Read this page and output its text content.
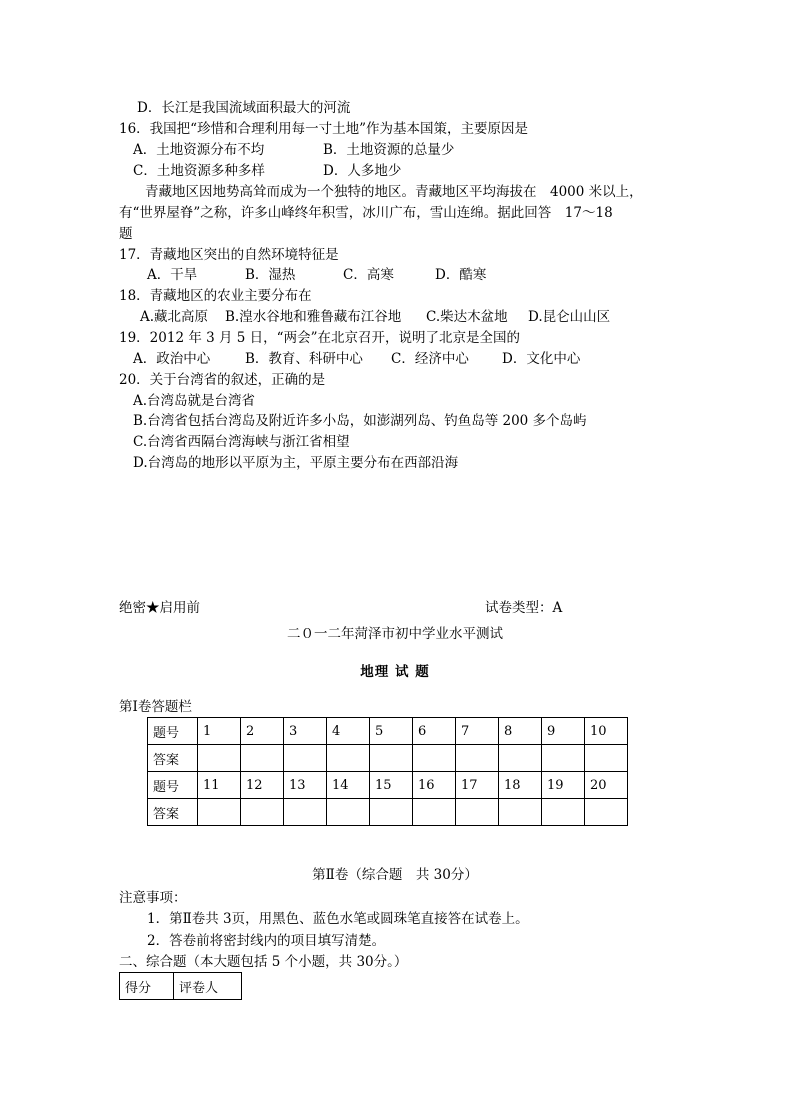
D．长江是我国流域面积最大的河流
16．我国把“珍惜和合理利用每一寸土地”作为基本国策，主要原因是
A．土地资源分布不均	B．土地资源的总量少
C．土地资源多种多样	D．人多地少
青藏地区因地势高耸而成为一个独特的地区。青藏地区平均海拔在　4000 米以上，
有“世界屋脊”之称，许多山峰终年积雪，冰川广布，雪山连绵。据此回答　17～18
题
17．青藏地区突出的自然环境特征是
A．干旱	B．湿热	C．高寒	D．酷寒
18．青藏地区的农业主要分布在
A.藏北高原 B.湟水谷地和雅鲁藏布江谷地 C.柴达木盆地 D.昆仑山山区
19．2012 年 3 月 5 日，“两会”在北京召开，说明了北京是全国的
A．政治中心	B．教育、科研中心 C．经济中心 D．文化中心
20．关于台湾省的叙述，正确的是
A.台湾岛就是台湾省
B.台湾省包括台湾岛及附近许多小岛，如澎湖列岛、钓鱼岛等 200 多个岛屿
C.台湾省西隔台湾海峡与浙江省相望
D.台湾岛的地形以平原为主，平原主要分布在西部沿海
绝密★启用前	试卷类型：A
二０一二年菏泽市初中学业水平测试
地理 试 题
第Ⅰ卷答题栏
题号	1	2	3	4	5	6	7	8	9	10
答案										
题号	11	12	13	14	15	16	17	18	19	20
答案										
第Ⅱ卷（综合题　共 30分）
注意事项：
1．第Ⅱ卷共 3页，用黑色、蓝色水笔或圆珠笔直接答在试卷上。
2．答卷前将密封线内的项目填写清楚。
二、综合题（本大题包括 5 个小题，共 30分。）
得分	评卷人
